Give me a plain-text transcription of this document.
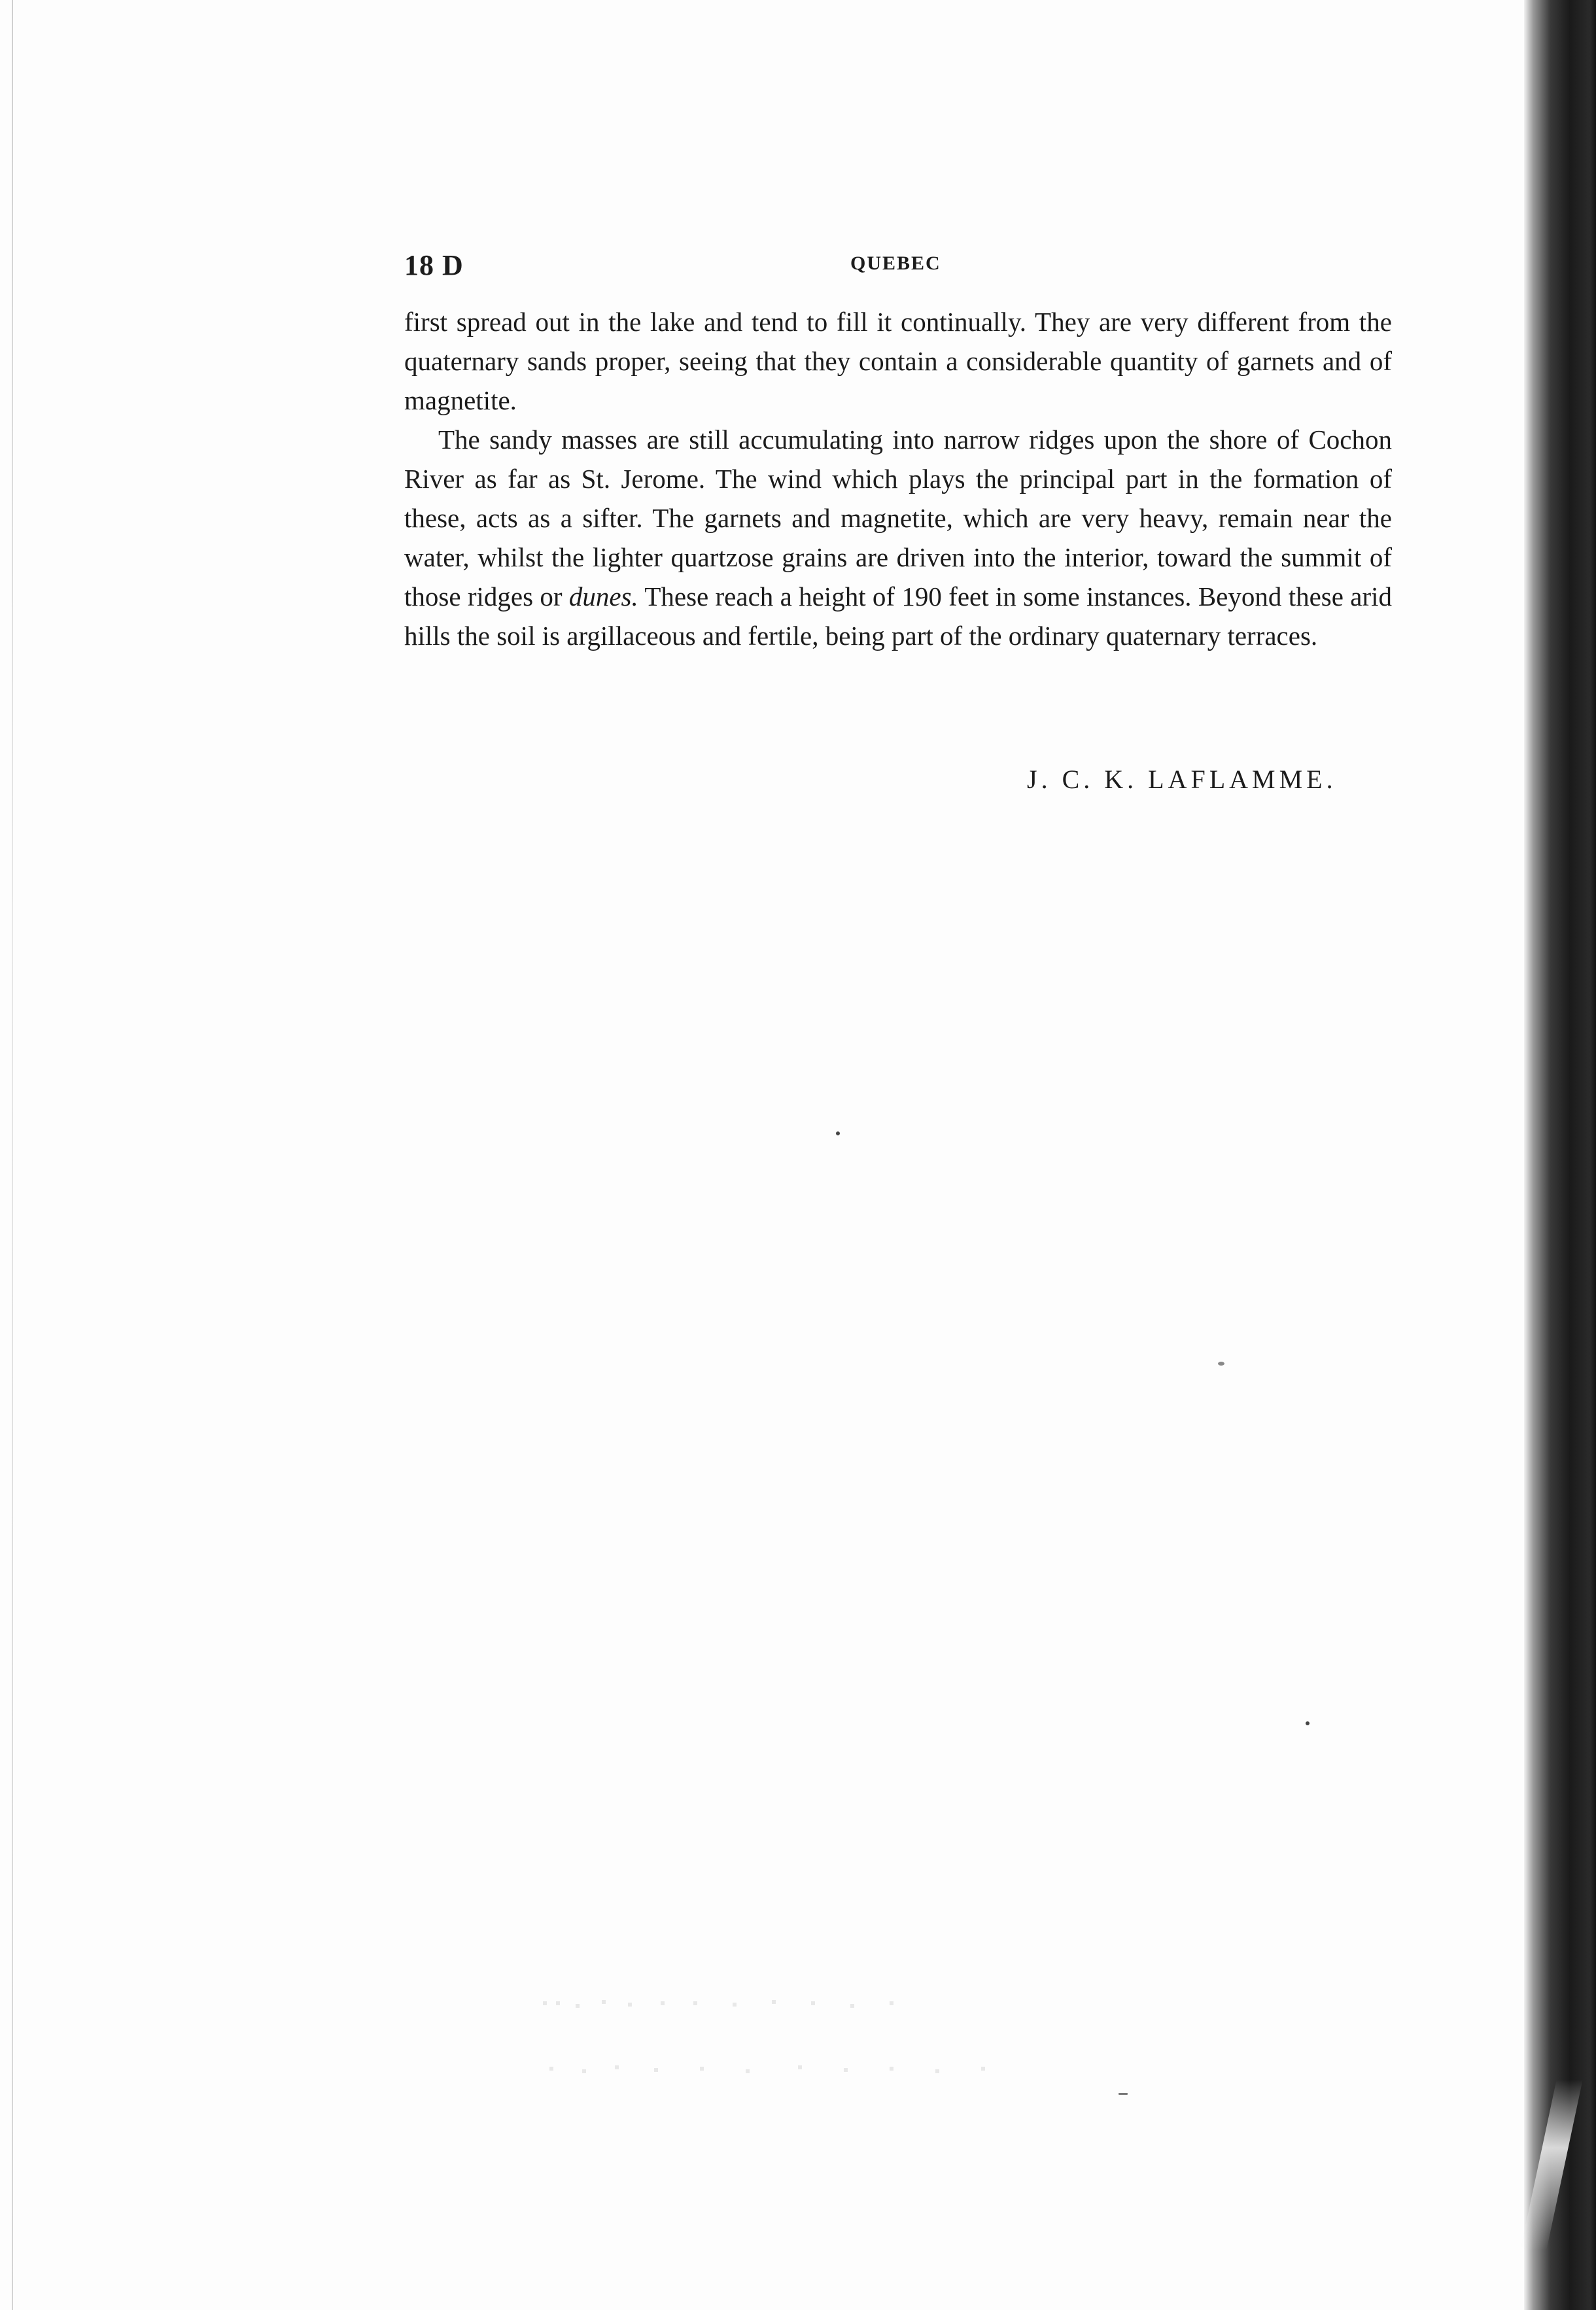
18 D	QUEBEC

first spread out in the lake and tend to fill it continually. They are very different from the quaternary sands proper, seeing that they contain a considerable quantity of garnets and of magnetite.

The sandy masses are still accumulating into narrow ridges upon the shore of Cochon River as far as St. Jerome. The wind which plays the principal part in the formation of these, acts as a sifter. The garnets and magnetite, which are very heavy, remain near the water, whilst the lighter quartzose grains are driven into the interior, toward the summit of those ridges or dunes. These reach a height of 190 feet in some instances. Beyond these arid hills the soil is argillaceous and fertile, being part of the ordinary quaternary terraces.

J. C. K. LAFLAMME.
